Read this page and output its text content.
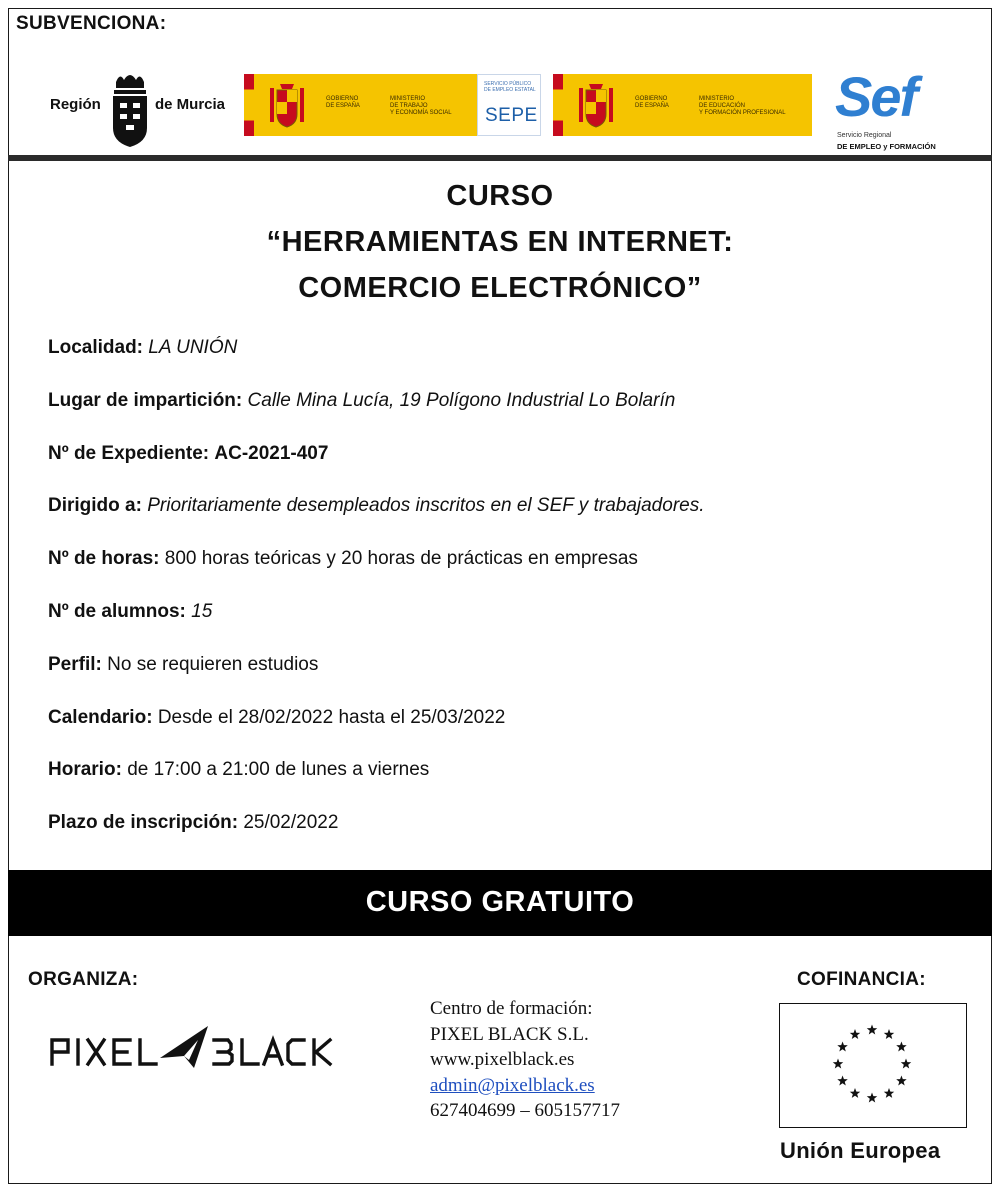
SUBVENCIONA:
Región	de Murcia	GOBIERNO
DE ESPAÑA
MINISTERIO
DE TRABAJO
Y ECONOMÍA SOCIAL
SERVICIO PÚBLICO
DE EMPLEO ESTATAL
SEPE
GOBIERNO
DE ESPAÑA
MINISTERIO
DE EDUCACIÓN
Y FORMACIÓN PROFESIONAL Sef
Servicio Regional
DE EMPLEO y FORMACIÓN
CURSO
“HERRAMIENTAS EN INTERNET:
COMERCIO ELECTRÓNICO”
Localidad: LA UNIÓN
Lugar de impartición: Calle Mina Lucía, 19 Polígono Industrial Lo Bolarín
Nº de Expediente: AC-2021-407
Dirigido a: Prioritariamente desempleados inscritos en el SEF y trabajadores.
Nº de horas: 800 horas teóricas y 20 horas de prácticas en empresas
Nº de alumnos: 15
Perfil: No se requieren estudios
Calendario: Desde el 28/02/2022 hasta el 25/03/2022
Horario: de 17:00 a 21:00 de lunes a viernes
Plazo de inscripción: 25/02/2022
CURSO GRATUITO
ORGANIZA:
Centro de formación:
PIXEL BLACK S.L.
www.pixelblack.es
admin@pixelblack.es
627404699 – 605157717
COFINANCIA:
Unión Europea
